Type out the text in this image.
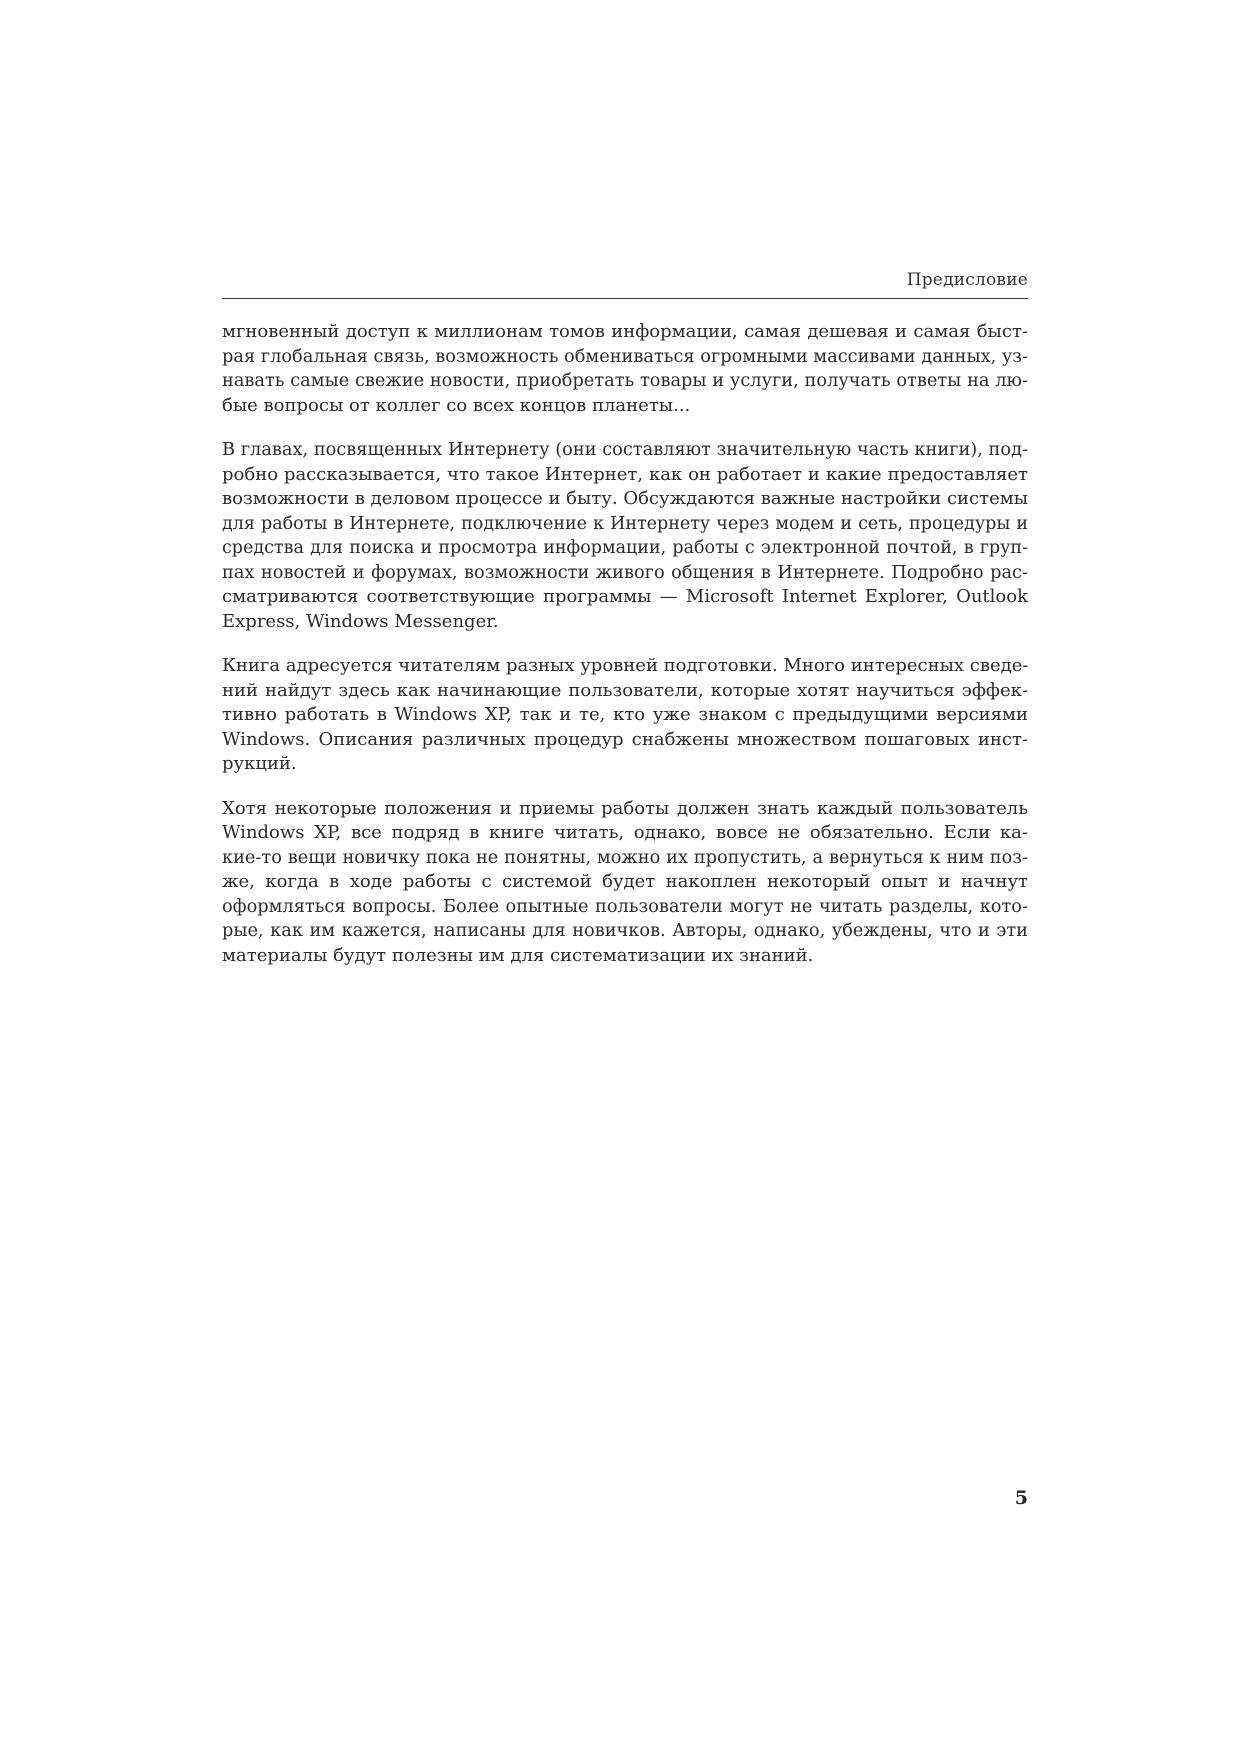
Предисловие

мгновенный доступ к миллионам томов информации, самая дешевая и самая быст-
рая глобальная связь, возможность обмениваться огромными массивами данных, уз-
навать самые свежие новости, приобретать товары и услуги, получать ответы на лю-
бые вопросы от коллег со всех концов планеты...

В главах, посвященных Интернету (они составляют значительную часть книги), под-
робно рассказывается, что такое Интернет, как он работает и какие предоставляет
возможности в деловом процессе и быту. Обсуждаются важные настройки системы
для работы в Интернете, подключение к Интернету через модем и сеть, процедуры и
средства для поиска и просмотра информации, работы с электронной почтой, в груп-
пах новостей и форумах, возможности живого общения в Интернете. Подробно рас-
сматриваются соответствующие программы — Microsoft Internet Explorer, Outlook
Express, Windows Messenger.

Книга адресуется читателям разных уровней подготовки. Много интересных сведе-
ний найдут здесь как начинающие пользователи, которые хотят научиться эффек-
тивно работать в Windows XP, так и те, кто уже знаком с предыдущими версиями
Windows. Описания различных процедур снабжены множеством пошаговых инст-
рукций.

Хотя некоторые положения и приемы работы должен знать каждый пользователь
Windows XP, все подряд в книге читать, однако, вовсе не обязательно. Если ка-
кие-то вещи новичку пока не понятны, можно их пропустить, а вернуться к ним поз-
же, когда в ходе работы с системой будет накоплен некоторый опыт и начнут
оформляться вопросы. Более опытные пользователи могут не читать разделы, кото-
рые, как им кажется, написаны для новичков. Авторы, однако, убеждены, что и эти
материалы будут полезны им для систематизации их знаний.

5
